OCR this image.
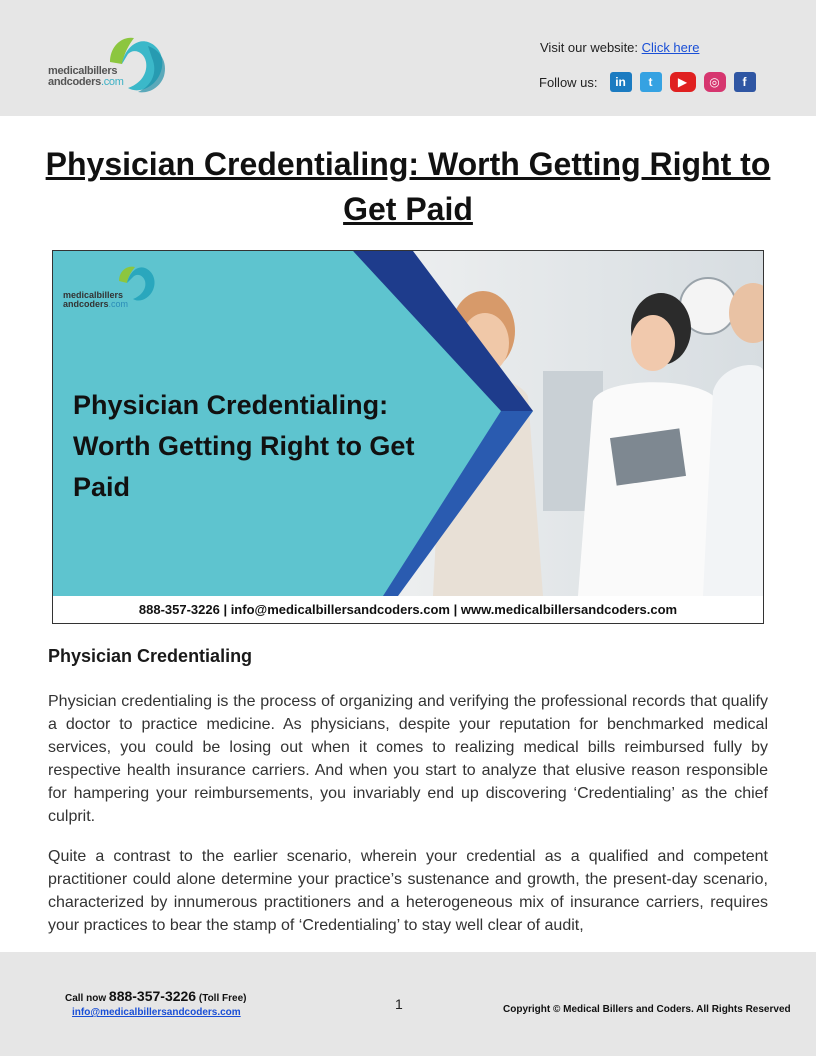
medicalbillers
andcoders.com
Visit our website: Click here
Follow us:	in	t	▶	◎	f
Physician Credentialing: Worth Getting Right to Get Paid
medicalbillers
andcoders.com
Physician Credentialing: Worth Getting Right to Get Paid
888-357-3226 | info@medicalbillersandcoders.com | www.medicalbillersandcoders.com
Physician Credentialing
Physician credentialing is the process of organizing and verifying the professional records that qualify a doctor to practice medicine. As physicians, despite your reputation for benchmarked medical services, you could be losing out when it comes to realizing medical bills reimbursed fully by respective health insurance carriers. And when you start to analyze that elusive reason responsible for hampering your reimbursements, you invariably end up discovering ‘Credentialing’ as the chief culprit.
Quite a contrast to the earlier scenario, wherein your credential as a qualified and competent practitioner could alone determine your practice’s sustenance and growth, the present-day scenario, characterized by innumerous practitioners and a heterogeneous mix of insurance carriers, requires your practices to bear the stamp of ‘Credentialing’ to stay well clear of audit,
Call now 888-357-3226 (Toll Free)
info@medicalbillersandcoders.com
1	Copyright © Medical Billers and Coders. All Rights Reserved
